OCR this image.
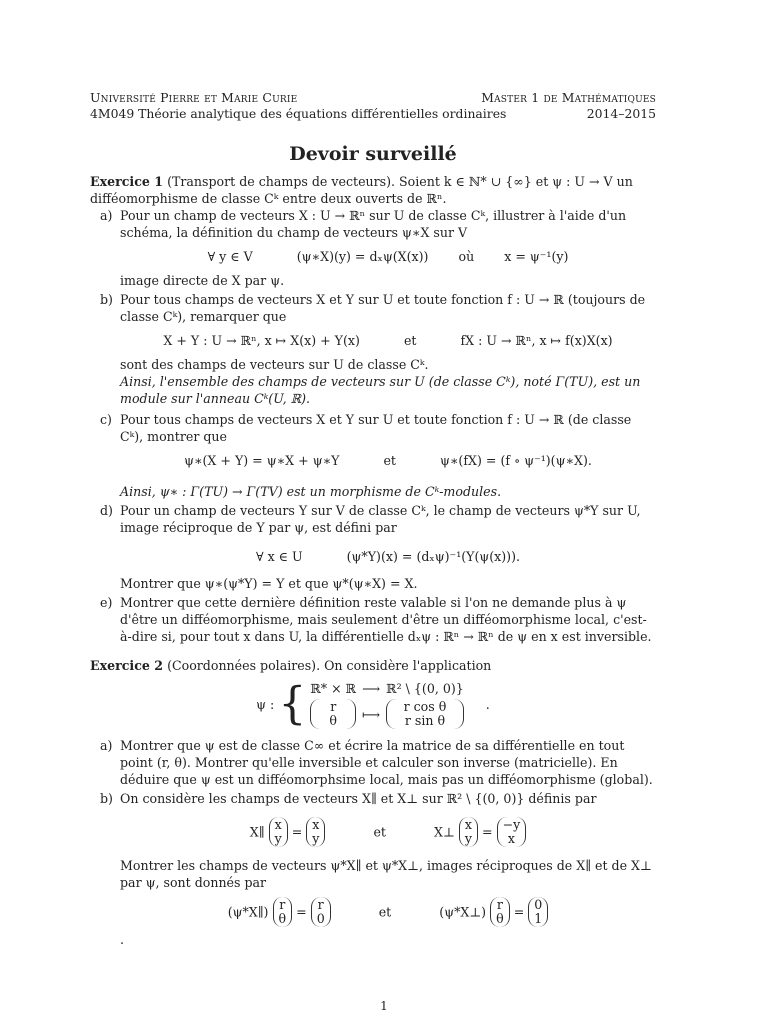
Université Pierre et Marie Curie	Master 1 de Mathématiques
4M049 Théorie analytique des équations différentielles ordinaires	2014–2015
Devoir surveillé

Exercice 1 (Transport de champs de vecteurs). Soient k ∈ ℕ* ∪ {∞} et ψ : U → V un difféomorphisme de classe Cᵏ entre deux ouverts de ℝⁿ.

a) Pour un champ de vecteurs X : U → ℝⁿ sur U de classe Cᵏ, illustrer à l'aide d'un schéma, la définition du champ de vecteurs ψ∗X sur V

∀ y ∈ V	(ψ∗X)(y) = dₓψ(X(x)) où x = ψ⁻¹(y)

image directe de X par ψ.

b) Pour tous champs de vecteurs X et Y sur U et toute fonction f : U → ℝ (toujours de classe Cᵏ), remarquer que

X + Y : U → ℝⁿ, x ↦ X(x) + Y(x)	et	fX : U → ℝⁿ, x ↦ f(x)X(x)

sont des champs de vecteurs sur U de classe Cᵏ.

Ainsi, l'ensemble des champs de vecteurs sur U (de classe Cᵏ), noté Γ(TU), est un module sur l'anneau Cᵏ(U, ℝ).

c) Pour tous champs de vecteurs X et Y sur U et toute fonction f : U → ℝ (de classe Cᵏ), montrer que

ψ∗(X + Y) = ψ∗X + ψ∗Y	et	ψ∗(fX) = (f ∘ ψ⁻¹)(ψ∗X).

Ainsi, ψ∗ : Γ(TU) → Γ(TV) est un morphisme de Cᵏ-modules.

d) Pour un champ de vecteurs Y sur V de classe Cᵏ, le champ de vecteurs ψ*Y sur U, image réciproque de Y par ψ, est défini par

∀ x ∈ U	(ψ*Y)(x) = (dₓψ)⁻¹(Y(ψ(x))).

Montrer que ψ∗(ψ*Y) = Y et que ψ*(ψ∗X) = X.

e) Montrer que cette dernière définition reste valable si l'on ne demande plus à ψ d'être un difféomorphisme, mais seulement d'être un difféomorphisme local, c'est-à-dire si, pour tout x dans U, la différentielle dₓψ : ℝⁿ → ℝⁿ de ψ en x est inversible.

Exercice 2 (Coordonnées polaires). On considère l'application

ψ : { ℝ* × ℝ ⟶ ℝ² \ {(0, 0)}
r
θ	⟼	r cos θ
r sin θ
.
a) Montrer que ψ est de classe C∞ et écrire la matrice de sa différentielle en tout point (r, θ). Montrer qu'elle inversible et calculer son inverse (matricielle). En déduire que ψ est un difféomorphsime local, mais pas un difféomorphisme (global).

b) On considère les champs de vecteurs X∥ et X⊥ sur ℝ² \ {(0, 0)} définis par

X∥ x
y = x
y	et	X⊥ x
y = −y
x

Montrer les champs de vecteurs ψ*X∥ et ψ*X⊥, images réciproques de X∥ et de X⊥ par ψ, sont donnés par

(ψ*X∥) r
θ = r
0	et	(ψ*X⊥) r
θ = 0
1

.

1
